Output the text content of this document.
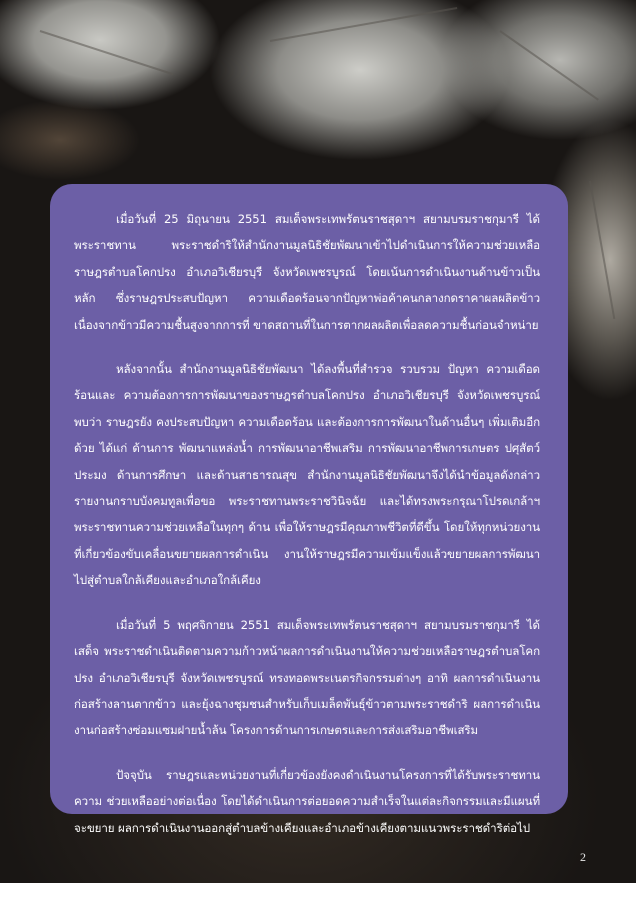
เมื่อวันที่ 25 มิถุนายน 2551 สมเด็จพระเทพรัตนราชสุดาฯ สยามบรมราชกุมารี ได้พระราชทาน พระราชดำริให้สำนักงานมูลนิธิชัยพัฒนาเข้าไปดำเนินการให้ความช่วยเหลือราษฎรตำบลโคกปรง อำเภอวิเชียรบุรี จังหวัดเพชรบูรณ์ โดยเน้นการดำเนินงานด้านข้าวเป็นหลัก ซึ่งราษฎรประสบปัญหา ความเดือดร้อนจากปัญหาพ่อค้าคนกลางกดราคาผลผลิตข้าว เนื่องจากข้าวมีความชื้นสูงจากการที่ ขาดสถานที่ในการตากผลผลิตเพื่อลดความชื้นก่อนจำหน่าย

หลังจากนั้น สำนักงานมูลนิธิชัยพัฒนา ได้ลงพื้นที่สำรวจ รวบรวม ปัญหา ความเดือดร้อนและ ความต้องการการพัฒนาของราษฎรตำบลโคกปรง อำเภอวิเชียรบุรี จังหวัดเพชรบูรณ์ พบว่า ราษฎรยัง คงประสบปัญหา ความเดือดร้อน และต้องการการพัฒนาในด้านอื่นๆ เพิ่มเติมอีกด้วย ได้แก่ ด้านการ พัฒนาแหล่งน้ำ การพัฒนาอาชีพเสริม การพัฒนาอาชีพการเกษตร ปศุสัตว์ ประมง ด้านการศึกษา และด้านสาธารณสุข สำนักงานมูลนิธิชัยพัฒนาจึงได้นำข้อมูลดังกล่าวรายงานกราบบังคมทูลเพื่อขอ พระราชทานพระราชวินิจฉัย และได้ทรงพระกรุณาโปรดเกล้าฯ พระราชทานความช่วยเหลือในทุกๆ ด้าน เพื่อให้ราษฎรมีคุณภาพชีวิตที่ดีขึ้น โดยให้ทุกหน่วยงานที่เกี่ยวข้องขับเคลื่อนขยายผลการดำเนิน งานให้ราษฎรมีความเข้มแข็งแล้วขยายผลการพัฒนาไปสู่ตำบลใกล้เคียงและอำเภอใกล้เคียง

เมื่อวันที่ 5 พฤศจิกายน 2551 สมเด็จพระเทพรัตนราชสุดาฯ สยามบรมราชกุมารี ได้เสด็จ พระราชดำเนินติดตามความก้าวหน้าผลการดำเนินงานให้ความช่วยเหลือราษฎรตำบลโคกปรง อำเภอวิเชียรบุรี จังหวัดเพชรบูรณ์ ทรงทอดพระเนตรกิจกรรมต่างๆ อาทิ ผลการดำเนินงาน ก่อสร้างลานตากข้าว และยุ้งฉางชุมชนสำหรับเก็บเมล็ดพันธุ์ข้าวตามพระราชดำริ ผลการดำเนิน งานก่อสร้างซ่อมแซมฝายน้ำล้น โครงการด้านการเกษตรและการส่งเสริมอาชีพเสริม

ปัจจุบัน ราษฎรและหน่วยงานที่เกี่ยวข้องยังคงดำเนินงานโครงการที่ได้รับพระราชทานความ ช่วยเหลืออย่างต่อเนื่อง โดยได้ดำเนินการต่อยอดความสำเร็จในแต่ละกิจกรรมและมีแผนที่จะขยาย ผลการดำเนินงานออกสู่ตำบลข้างเคียงและอำเภอข้างเคียงตามแนวพระราชดำริต่อไป

2
